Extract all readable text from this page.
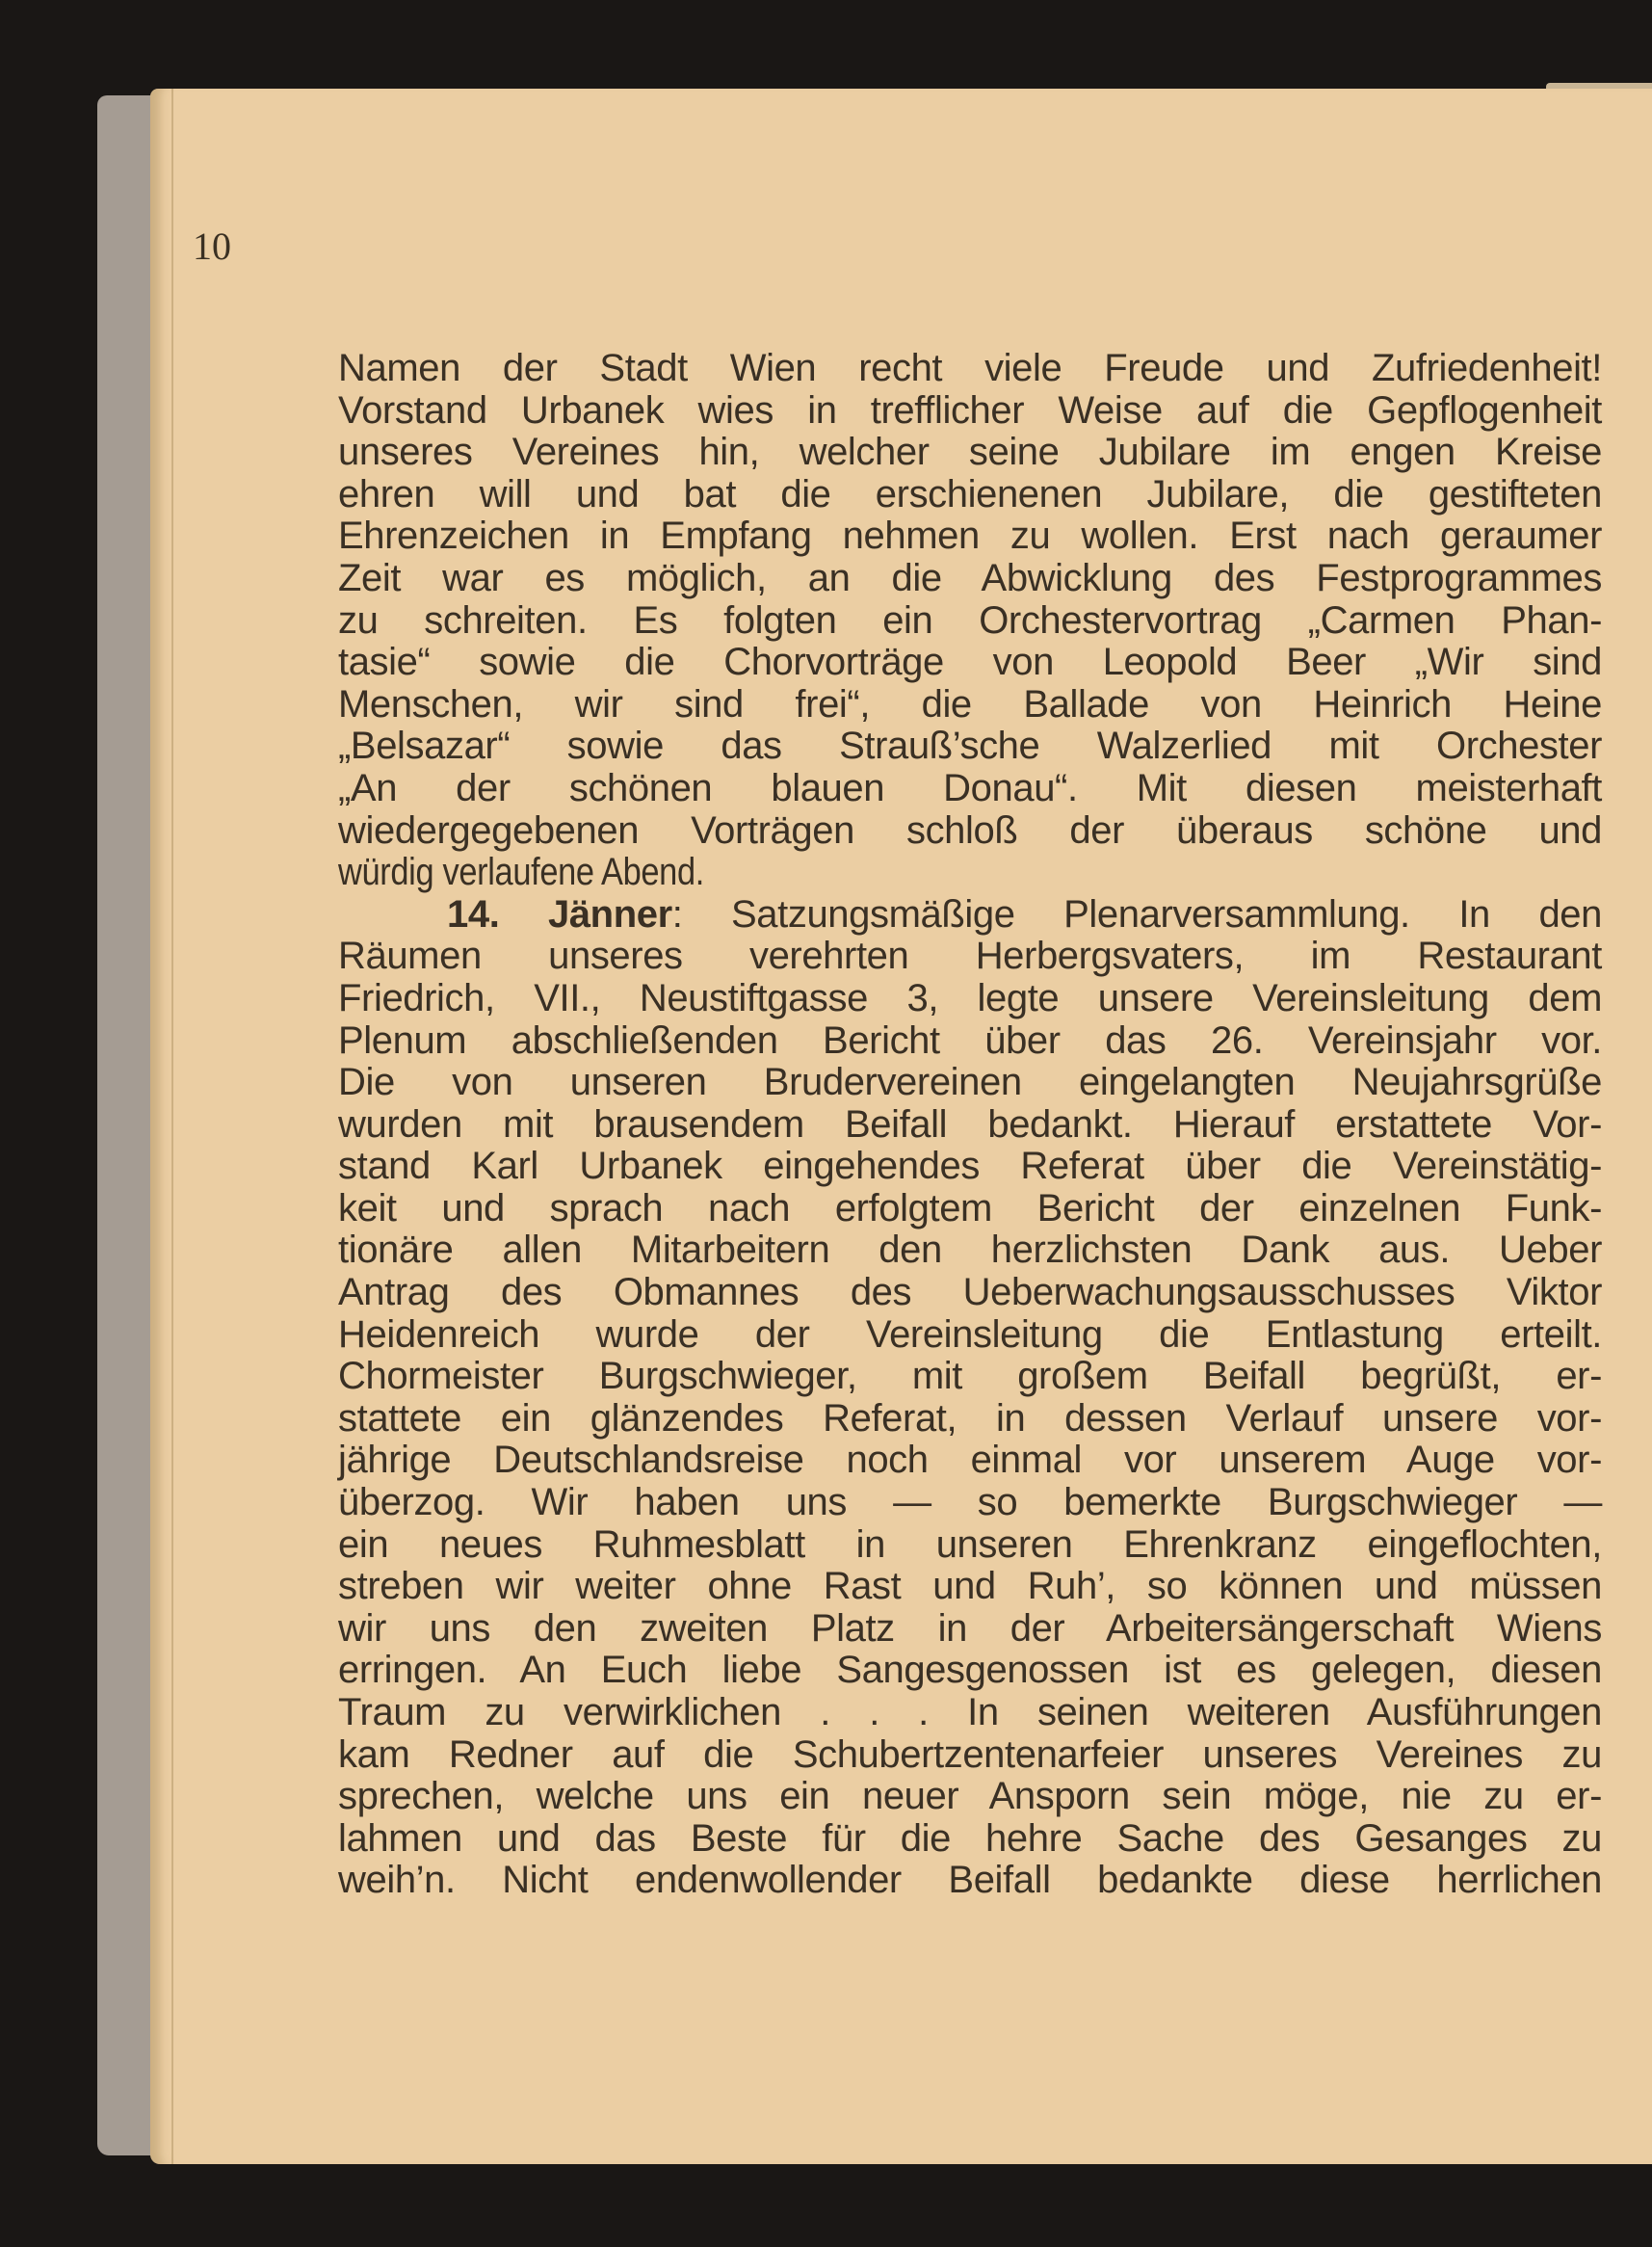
10

Namen der Stadt Wien recht viele Freude und Zufriedenheit!
Vorstand Urbanek wies in trefflicher Weise auf die Gepflogenheit
unseres Vereines hin, welcher seine Jubilare im engen Kreise
ehren will und bat die erschienenen Jubilare, die gestifteten
Ehrenzeichen in Empfang nehmen zu wollen. Erst nach geraumer
Zeit war es möglich, an die Abwicklung des Festprogrammes
zu schreiten. Es folgten ein Orchestervortrag „Carmen Phan-
tasie“ sowie die Chorvorträge von Leopold Beer „Wir sind
Menschen, wir sind frei“, die Ballade von Heinrich Heine
„Belsazar“ sowie das Strauß’sche Walzerlied mit Orchester
„An der schönen blauen Donau“. Mit diesen meisterhaft
wiedergegebenen Vorträgen schloß der überaus schöne und
würdig verlaufene Abend.
14. Jänner: Satzungsmäßige Plenarversammlung. In den
Räumen unseres verehrten Herbergsvaters, im Restaurant
Friedrich, VII., Neustiftgasse 3, legte unsere Vereinsleitung dem
Plenum abschließenden Bericht über das 26. Vereinsjahr vor.
Die von unseren Brudervereinen eingelangten Neujahrsgrüße
wurden mit brausendem Beifall bedankt. Hierauf erstattete Vor-
stand Karl Urbanek eingehendes Referat über die Vereinstätig-
keit und sprach nach erfolgtem Bericht der einzelnen Funk-
tionäre allen Mitarbeitern den herzlichsten Dank aus. Ueber
Antrag des Obmannes des Ueberwachungsausschusses Viktor
Heidenreich wurde der Vereinsleitung die Entlastung erteilt.
Chormeister Burgschwieger, mit großem Beifall begrüßt, er-
stattete ein glänzendes Referat, in dessen Verlauf unsere vor-
jährige Deutschlandsreise noch einmal vor unserem Auge vor-
überzog. Wir haben uns — so bemerkte Burgschwieger —
ein neues Ruhmesblatt in unseren Ehrenkranz eingeflochten,
streben wir weiter ohne Rast und Ruh’, so können und müssen
wir uns den zweiten Platz in der Arbeitersängerschaft Wiens
erringen. An Euch liebe Sangesgenossen ist es gelegen, diesen
Traum zu verwirklichen . . . In seinen weiteren Ausführungen
kam Redner auf die Schubertzentenarfeier unseres Vereines zu
sprechen, welche uns ein neuer Ansporn sein möge, nie zu er-
lahmen und das Beste für die hehre Sache des Gesanges zu
weih’n. Nicht endenwollender Beifall bedankte diese herrlichen
